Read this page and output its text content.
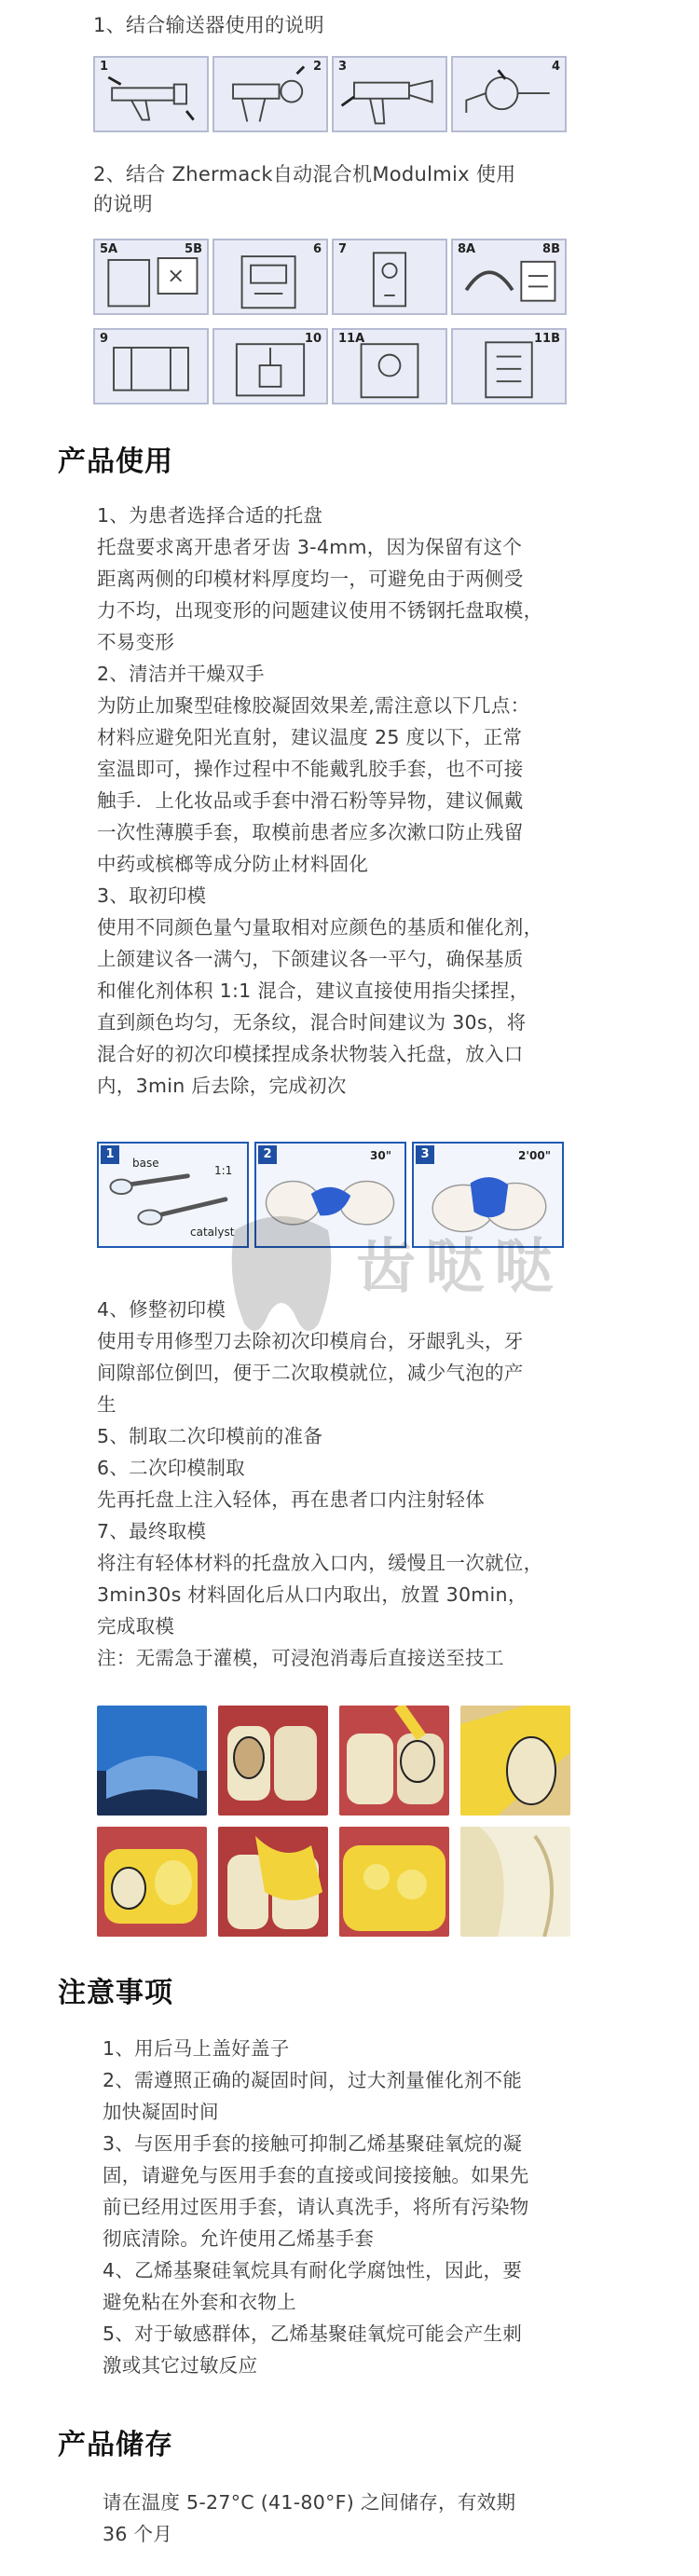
1、结合输送器使用的说明
1	2 3	4
2、结合 Zhermack自动混合机Modulmix 使用
的说明
5A	5B	6 7	8A	8B
9	10 11A	11B
产品使用
1、为患者选择合适的托盘
托盘要求离开患者牙齿 3-4mm，因为保留有这个
距离两侧的印模材料厚度均一，可避免由于两侧受
力不均，出现变形的问题建议使用不锈钢托盘取模，
不易变形
2、清洁并干燥双手
为防止加聚型硅橡胶凝固效果差,需注意以下几点：
材料应避免阳光直射，建议温度 25 度以下，正常
室温即可，操作过程中不能戴乳胶手套，也不可接
触手．上化妆品或手套中滑石粉等异物，建议佩戴
一次性薄膜手套，取模前患者应多次漱口防止残留
中药或槟榔等成分防止材料固化
3、取初印模
使用不同颜色量勺量取相对应颜色的基质和催化剂，
上颌建议各一满勺，下颌建议各一平勺，确保基质
和催化剂体积 1:1 混合，建议直接使用指尖揉捏，
直到颜色均匀，无条纹，混合时间建议为 30s，将
混合好的初次印模揉捏成条状物装入托盘，放入口
内，3min 后去除，完成初次
1
base
1:1
catalyst
2	30"	3	2'00"
齿哒哒
4、修整初印模
使用专用修型刀去除初次印模肩台，牙龈乳头，牙
间隙部位倒凹，便于二次取模就位，减少气泡的产
生
5、制取二次印模前的准备
6、二次印模制取
先再托盘上注入轻体，再在患者口内注射轻体
7、最终取模
将注有轻体材料的托盘放入口内，缓慢且一次就位，
3min30s 材料固化后从口内取出，放置 30min，
完成取模
注：无需急于灌模，可浸泡消毒后直接送至技工
注意事项
1、用后马上盖好盖子
2、需遵照正确的凝固时间，过大剂量催化剂不能
加快凝固时间
3、与医用手套的接触可抑制乙烯基聚硅氧烷的凝
固，请避免与医用手套的直接或间接接触。如果先
前已经用过医用手套，请认真洗手，将所有污染物
彻底清除。允许使用乙烯基手套
4、乙烯基聚硅氧烷具有耐化学腐蚀性，因此，要
避免粘在外套和衣物上
5、对于敏感群体，乙烯基聚硅氧烷可能会产生刺
激或其它过敏反应
产品储存
请在温度 5-27°C (41-80°F) 之间储存，有效期
36 个月
